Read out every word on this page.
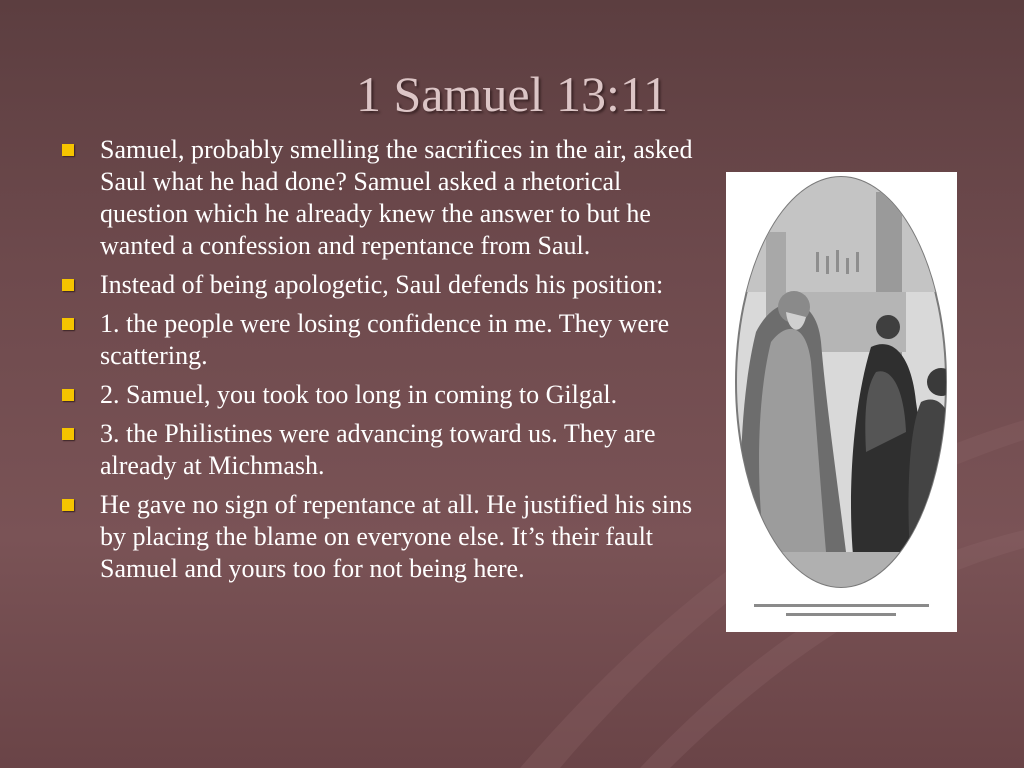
1 Samuel 13:11
Samuel, probably smelling the sacrifices in the air, asked Saul what he had done? Samuel asked a rhetorical question which he already knew the answer to but he wanted a confession and repentance from Saul.
Instead of being apologetic, Saul defends his position:
1. the people were losing confidence in me. They were scattering.
2. Samuel, you took too long in coming to Gilgal.
3. the Philistines were advancing toward us. They are already at Michmash.
He gave no sign of repentance at all. He justified his sins by placing the blame on everyone else. It’s their fault Samuel and yours too for not being here.
